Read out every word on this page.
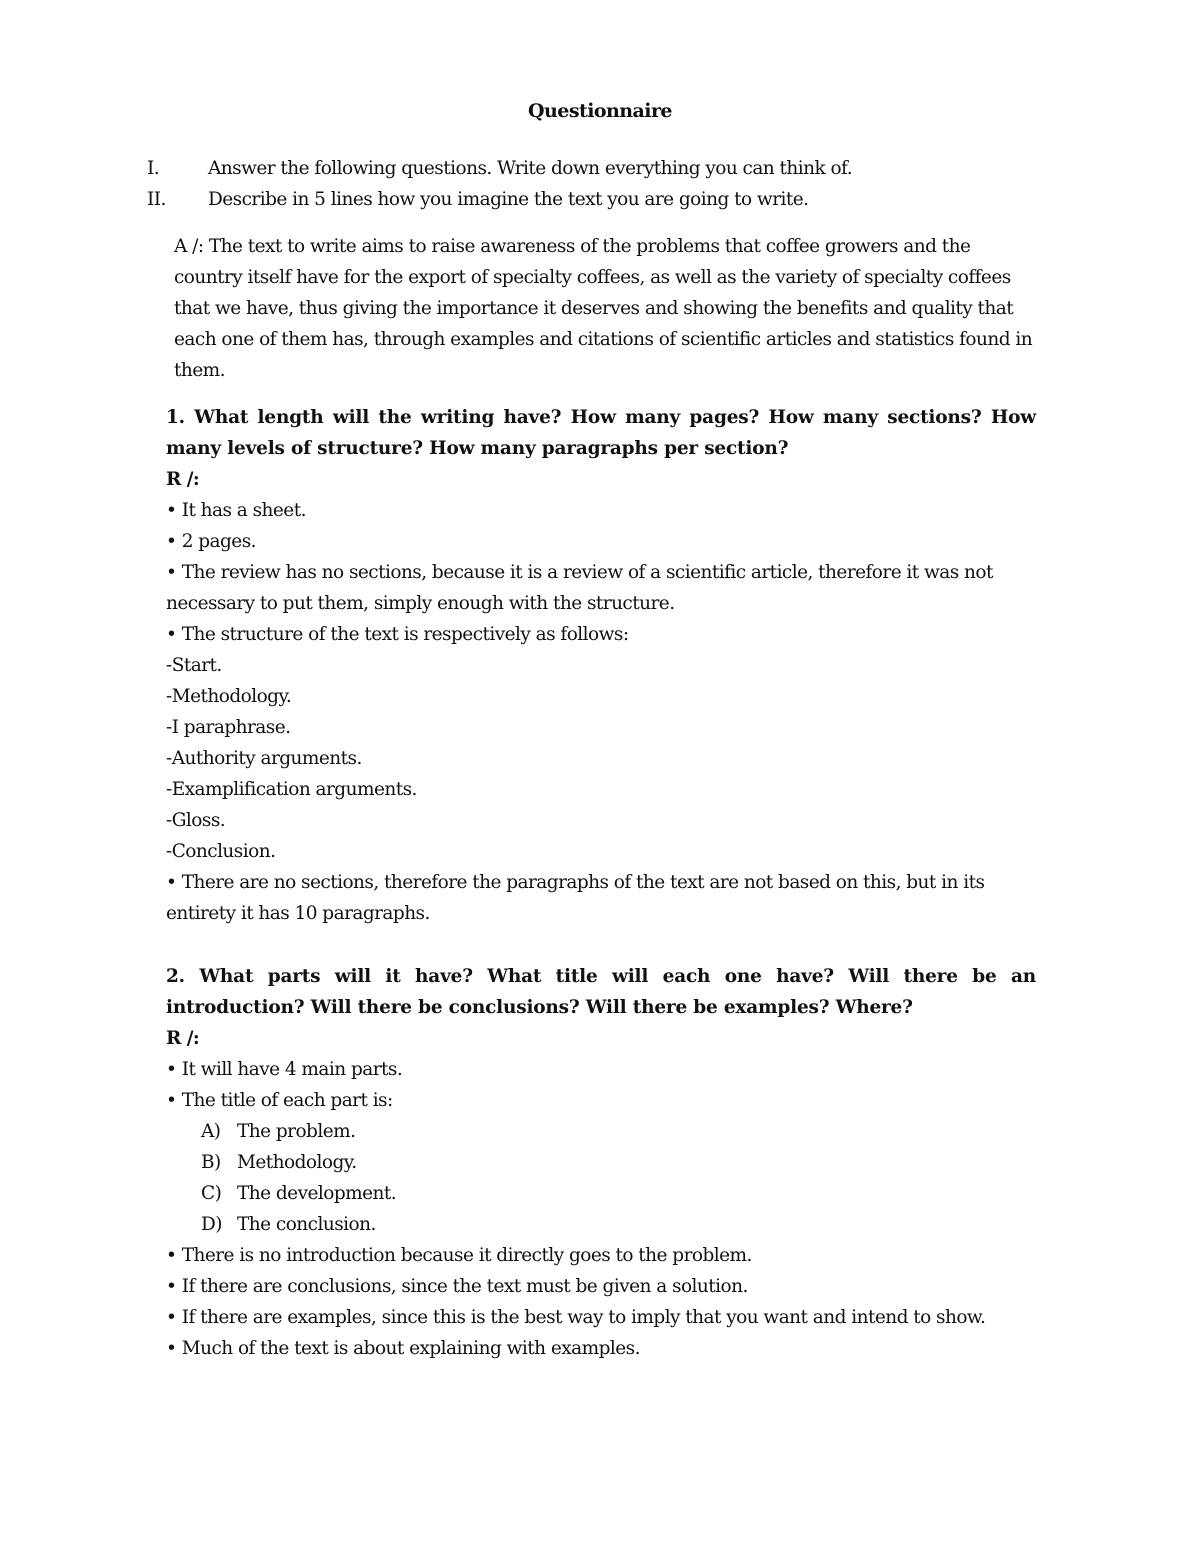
Questionnaire
I.	Answer the following questions. Write down everything you can think of.
II.	Describe in 5 lines how you imagine the text you are going to write.
A /: The text to write aims to raise awareness of the problems that coffee growers and the country itself have for the export of specialty coffees, as well as the variety of specialty coffees that we have, thus giving the importance it deserves and showing the benefits and quality that each one of them has, through examples and citations of scientific articles and statistics found in them.
1. What length will the writing have? How many pages? How many sections? How many levels of structure? How many paragraphs per section?
R /:
• It has a sheet.
• 2 pages.
• The review has no sections, because it is a review of a scientific article, therefore it was not necessary to put them, simply enough with the structure.
• The structure of the text is respectively as follows:
-Start.
-Methodology.
-I paraphrase.
-Authority arguments.
-Examplification arguments.
-Gloss.
-Conclusion.
• There are no sections, therefore the paragraphs of the text are not based on this, but in its entirety it has 10 paragraphs.
2. What parts will it have? What title will each one have? Will there be an introduction? Will there be conclusions? Will there be examples? Where?
R /:
• It will have 4 main parts.
• The title of each part is:
A) The problem.
B) Methodology.
C) The development.
D) The conclusion.
• There is no introduction because it directly goes to the problem.
• If there are conclusions, since the text must be given a solution.
• If there are examples, since this is the best way to imply that you want and intend to show.
• Much of the text is about explaining with examples.
